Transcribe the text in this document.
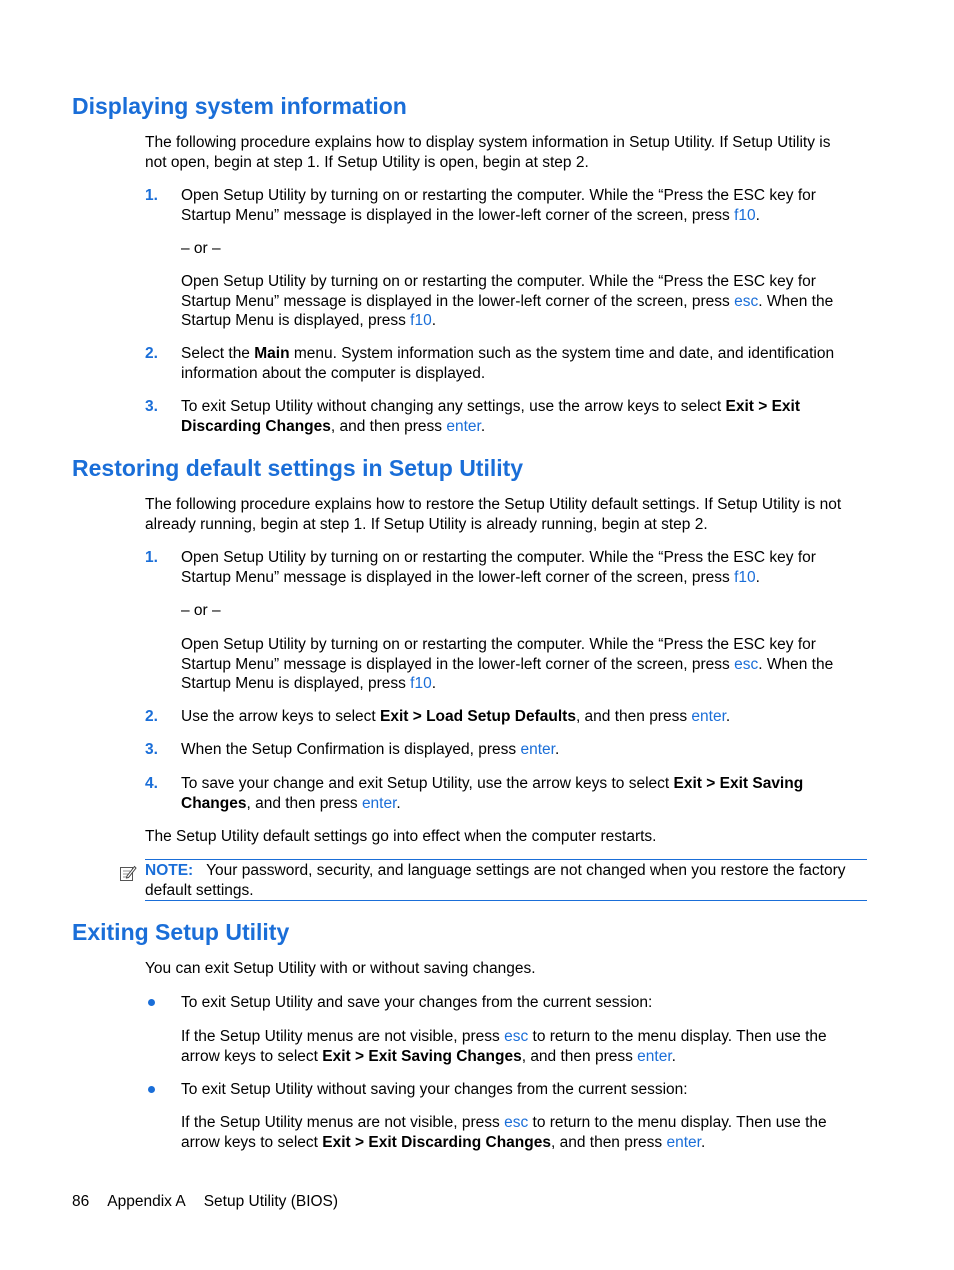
Displaying system information
The following procedure explains how to display system information in Setup Utility. If Setup Utility is
not open, begin at step 1. If Setup Utility is open, begin at step 2.
1. Open Setup Utility by turning on or restarting the computer. While the “Press the ESC key for
Startup Menu” message is displayed in the lower-left corner of the screen, press f10.
– or –
Open Setup Utility by turning on or restarting the computer. While the “Press the ESC key for
Startup Menu” message is displayed in the lower-left corner of the screen, press esc. When the
Startup Menu is displayed, press f10.
2. Select the Main menu. System information such as the system time and date, and identification
information about the computer is displayed.
3. To exit Setup Utility without changing any settings, use the arrow keys to select Exit > Exit
Discarding Changes, and then press enter.
Restoring default settings in Setup Utility
The following procedure explains how to restore the Setup Utility default settings. If Setup Utility is not
already running, begin at step 1. If Setup Utility is already running, begin at step 2.
1. Open Setup Utility by turning on or restarting the computer. While the “Press the ESC key for
Startup Menu” message is displayed in the lower-left corner of the screen, press f10.
– or –
Open Setup Utility by turning on or restarting the computer. While the “Press the ESC key for
Startup Menu” message is displayed in the lower-left corner of the screen, press esc. When the
Startup Menu is displayed, press f10.
2. Use the arrow keys to select Exit > Load Setup Defaults, and then press enter.
3. When the Setup Confirmation is displayed, press enter.
4. To save your change and exit Setup Utility, use the arrow keys to select Exit > Exit Saving
Changes, and then press enter.
The Setup Utility default settings go into effect when the computer restarts.
NOTE: Your password, security, and language settings are not changed when you restore the factory
default settings.
Exiting Setup Utility
You can exit Setup Utility with or without saving changes.
To exit Setup Utility and save your changes from the current session:
If the Setup Utility menus are not visible, press esc to return to the menu display. Then use the
arrow keys to select Exit > Exit Saving Changes, and then press enter.
To exit Setup Utility without saving your changes from the current session:
If the Setup Utility menus are not visible, press esc to return to the menu display. Then use the
arrow keys to select Exit > Exit Discarding Changes, and then press enter.
86 Appendix A Setup Utility (BIOS)
